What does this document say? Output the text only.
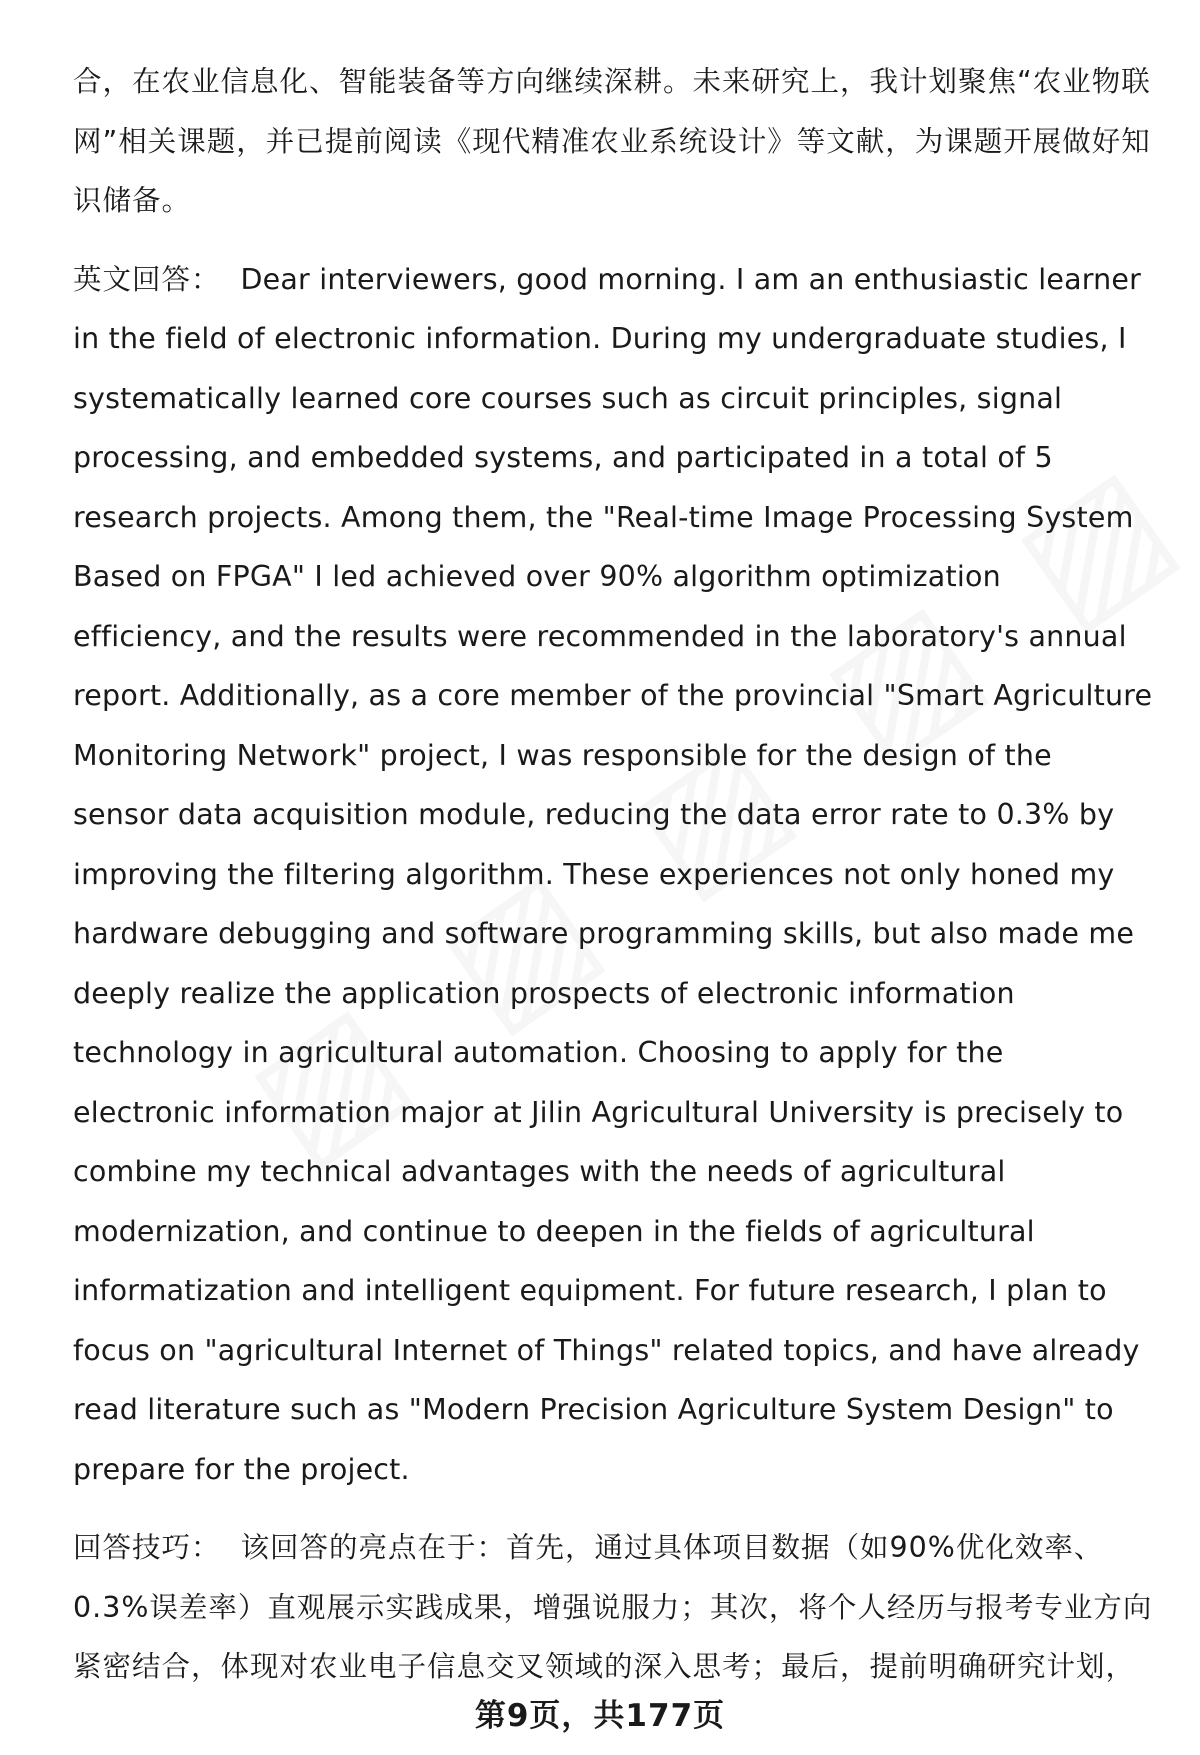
合，在农业信息化、智能装备等方向继续深耕。未来研究上，我计划聚焦“农业物联网”相关课题，并已提前阅读《现代精准农业系统设计》等文献，为课题开展做好知识储备。

英文回答： Dear interviewers, good morning. I am an enthusiastic learner in the field of electronic information. During my undergraduate studies, I systematically learned core courses such as circuit principles, signal processing, and embedded systems, and participated in a total of 5 research projects. Among them, the "Real-time Image Processing System Based on FPGA" I led achieved over 90% algorithm optimization efficiency, and the results were recommended in the laboratory's annual report. Additionally, as a core member of the provincial "Smart Agriculture Monitoring Network" project, I was responsible for the design of the sensor data acquisition module, reducing the data error rate to 0.3% by improving the filtering algorithm. These experiences not only honed my hardware debugging and software programming skills, but also made me deeply realize the application prospects of electronic information technology in agricultural automation. Choosing to apply for the electronic information major at Jilin Agricultural University is precisely to combine my technical advantages with the needs of agricultural modernization, and continue to deepen in the fields of agricultural informatization and intelligent equipment. For future research, I plan to focus on "agricultural Internet of Things" related topics, and have already read literature such as "Modern Precision Agriculture System Design" to prepare for the project.

回答技巧： 该回答的亮点在于：首先，通过具体项目数据（如90%优化效率、0.3%误差率）直观展示实践成果，增强说服力；其次，将个人经历与报考专业方向紧密结合，体现对农业电子信息交叉领域的深入思考；最后，提前明确研究计划，

第9页，共177页
